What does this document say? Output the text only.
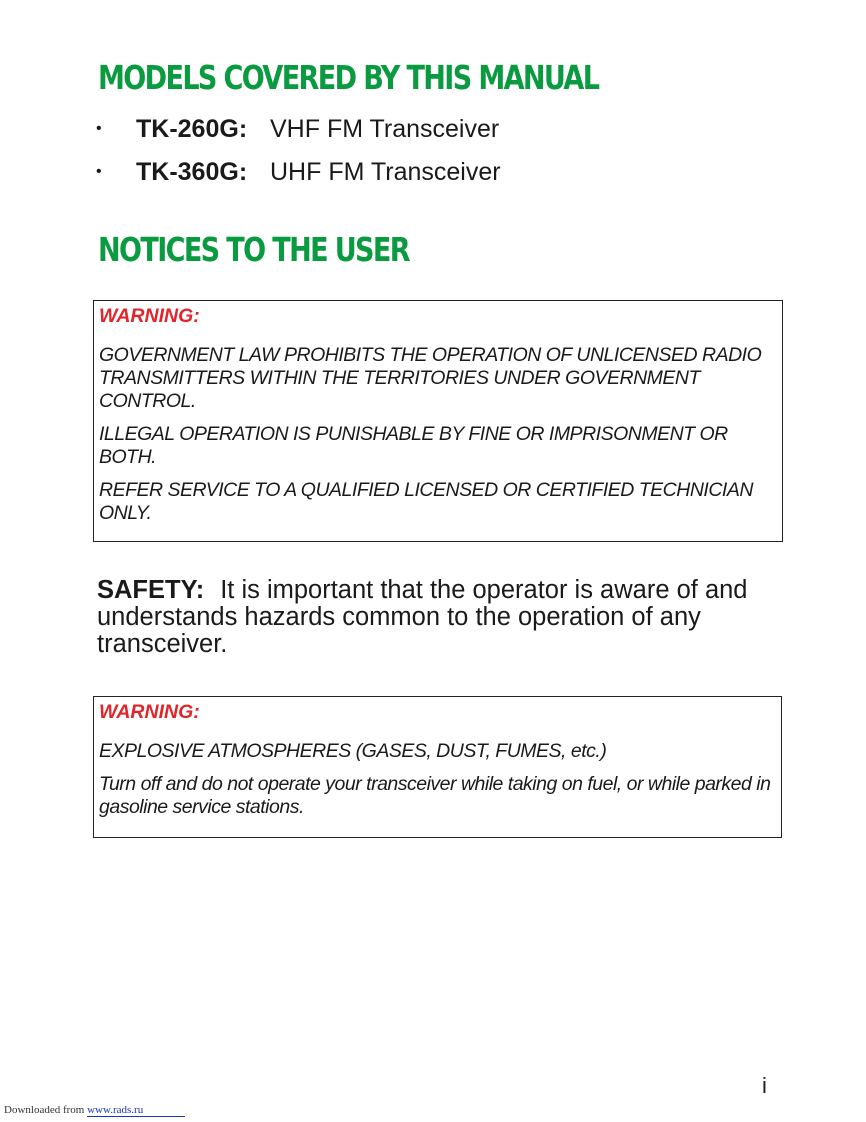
MODELS COVERED BY THIS MANUAL
• TK-260G: VHF FM Transceiver
• TK-360G: UHF FM Transceiver
NOTICES TO THE USER

WARNING:

GOVERNMENT LAW PROHIBITS THE OPERATION OF UNLICENSED RADIO TRANSMITTERS WITHIN THE TERRITORIES UNDER GOVERNMENT CONTROL.

ILLEGAL OPERATION IS PUNISHABLE BY FINE OR IMPRISONMENT OR BOTH.

REFER SERVICE TO A QUALIFIED LICENSED OR CERTIFIED TECHNICIAN ONLY.

SAFETY: It is important that the operator is aware of and understands hazards common to the operation of any transceiver.

WARNING:

EXPLOSIVE ATMOSPHERES (GASES, DUST, FUMES, etc.)

Turn off and do not operate your transceiver while taking on fuel, or while parked in gasoline service stations.

i
Downloaded from www.rads.ru
